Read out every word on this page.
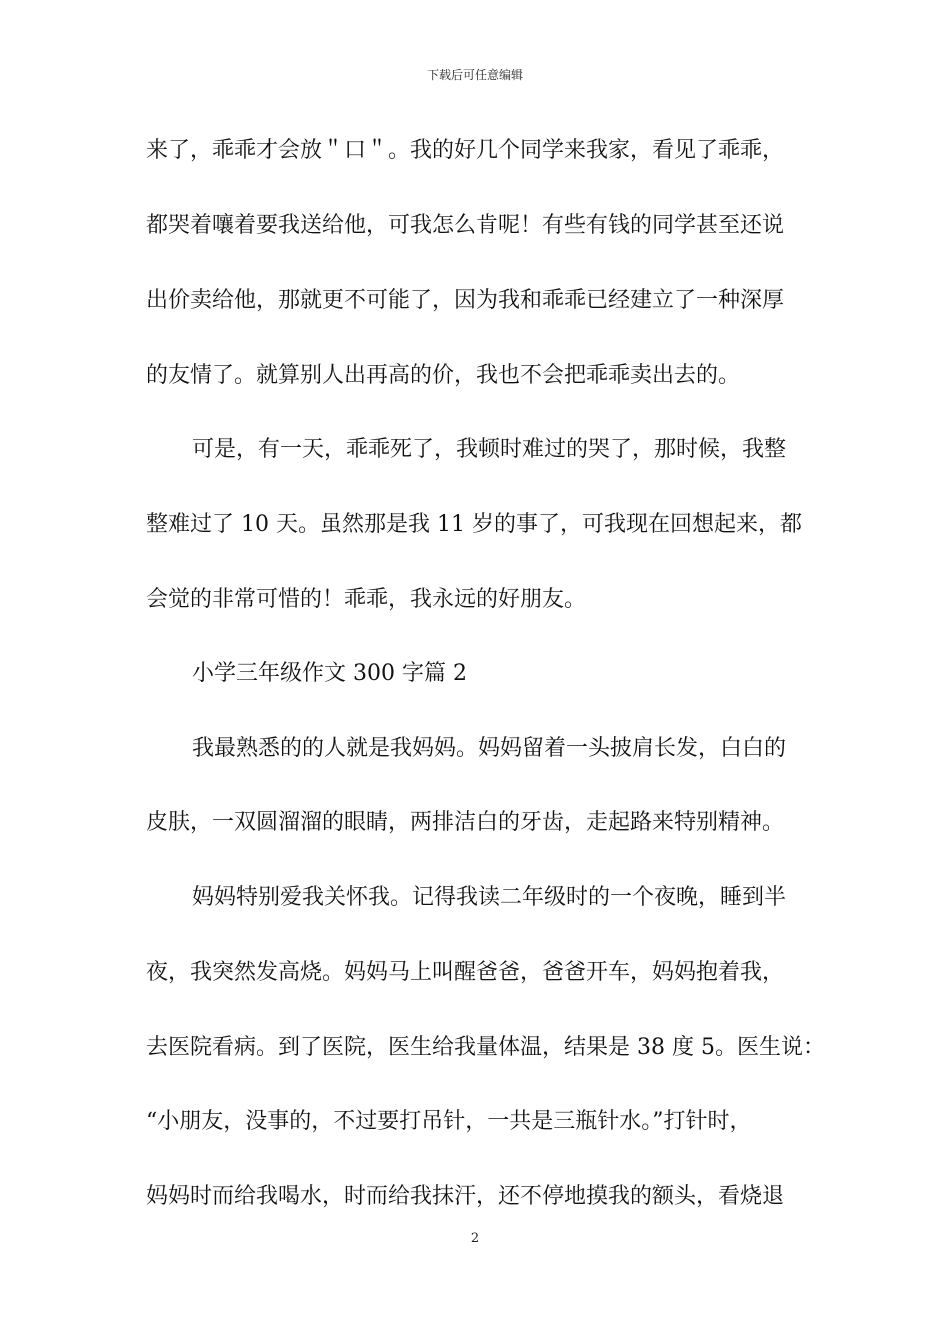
下载后可任意编辑
来了，乖乖才会放＂口＂。我的好几个同学来我家，看见了乖乖，
都哭着嚷着要我送给他，可我怎么肯呢！有些有钱的同学甚至还说
出价卖给他，那就更不可能了，因为我和乖乖已经建立了一种深厚
的友情了。就算别人出再高的价，我也不会把乖乖卖出去的。
可是，有一天，乖乖死了，我顿时难过的哭了，那时候，我整
整难过了 10 天。虽然那是我 11 岁的事了，可我现在回想起来，都
会觉的非常可惜的！乖乖，我永远的好朋友。
小学三年级作文 300 字篇 2
我最熟悉的的人就是我妈妈。妈妈留着一头披肩长发，白白的
皮肤，一双圆溜溜的眼睛，两排洁白的牙齿，走起路来特别精神。
妈妈特别爱我关怀我。记得我读二年级时的一个夜晚，睡到半
夜，我突然发高烧。妈妈马上叫醒爸爸，爸爸开车，妈妈抱着我，
去医院看病。到了医院，医生给我量体温，结果是 38 度 5。医生说：
“小朋友，没事的，不过要打吊针，一共是三瓶针水。”打针时，
妈妈时而给我喝水，时而给我抹汗，还不停地摸我的额头，看烧退
2
